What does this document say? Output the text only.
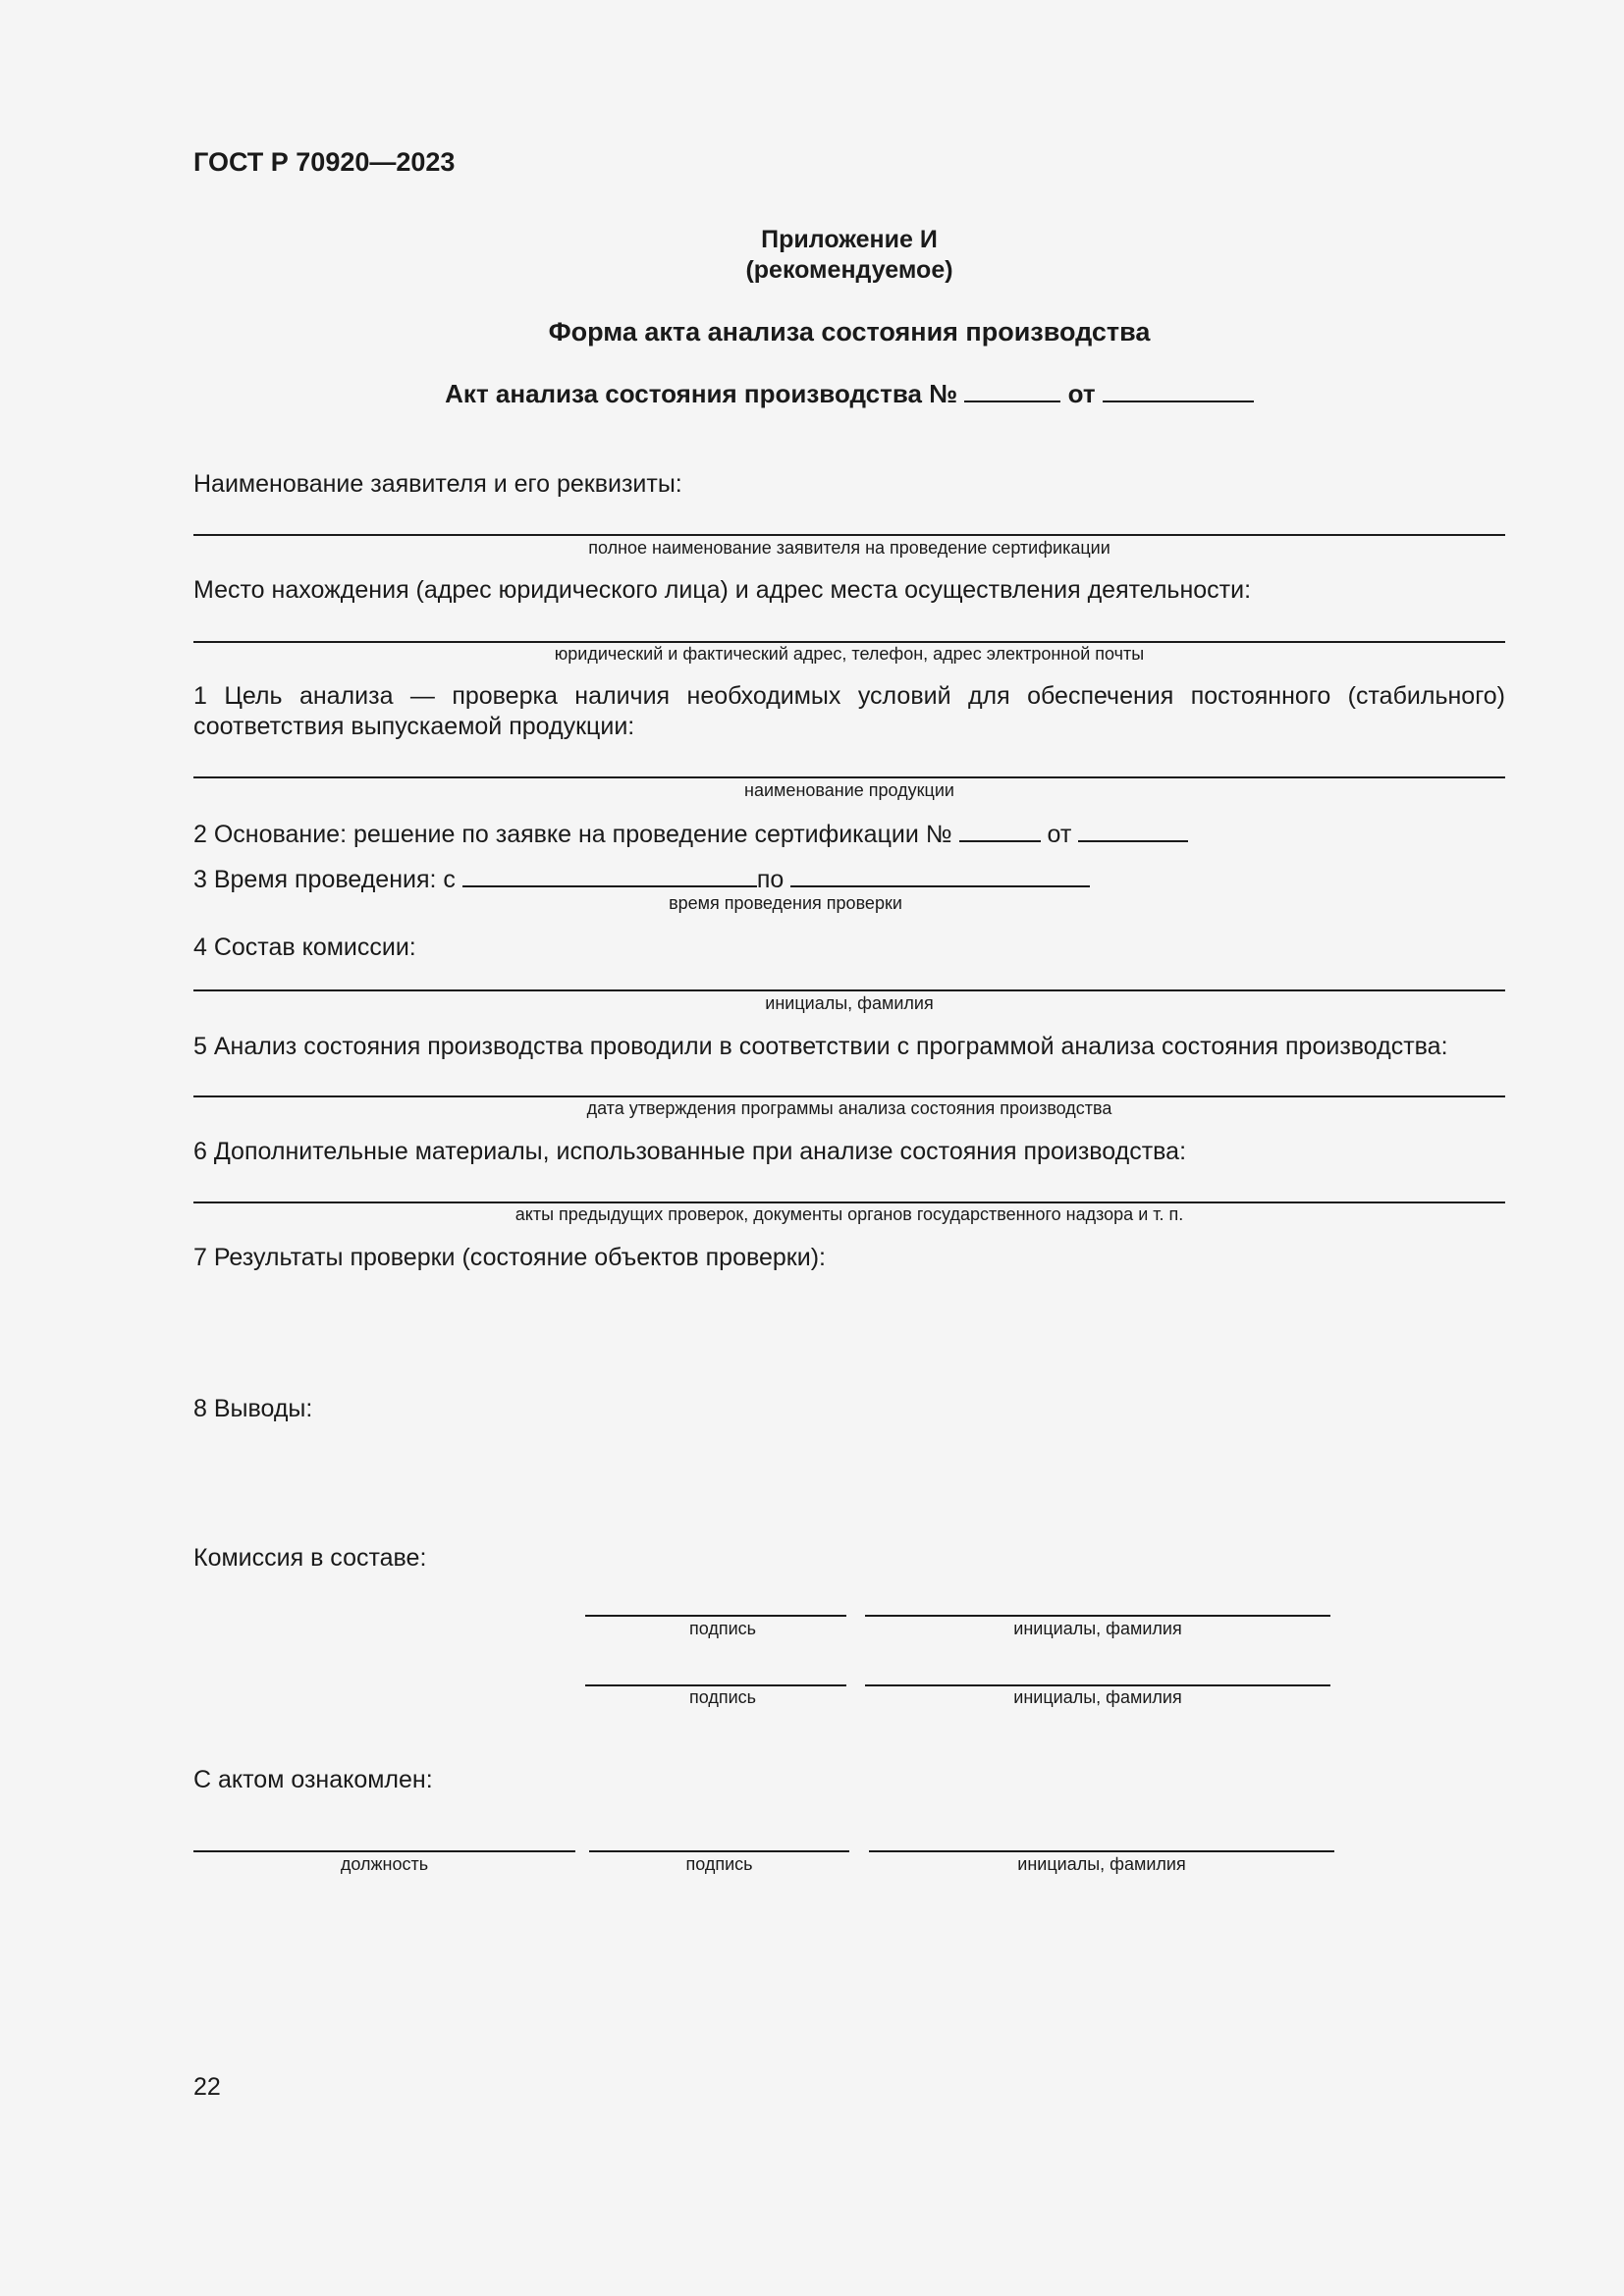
ГОСТ Р 70920—2023
Приложение И
(рекомендуемое)
Форма акта анализа состояния производства
Акт анализа состояния производства №	от
Наименование заявителя и его реквизиты:
полное наименование заявителя на проведение сертификации
Место нахождения (адрес юридического лица) и адрес места осуществления деятельности:
юридический и фактический адрес, телефон, адрес электронной почты
1 Цель анализа — проверка наличия необходимых условий для обеспечения постоянного (стабильного) соответствия выпускаемой продукции:
наименование продукции
2 Основание: решение по заявке на проведение сертификации №	от
3 Время проведения: с	по
время проведения проверки
4 Состав комиссии:
инициалы, фамилия
5 Анализ состояния производства проводили в соответствии с программой анализа состояния производства:
дата утверждения программы анализа состояния производства
6 Дополнительные материалы, использованные при анализе состояния производства:
акты предыдущих проверок, документы органов государственного надзора и т. п.
7 Результаты проверки (состояние объектов проверки):
8 Выводы:
Комиссия в составе:
подпись	инициалы, фамилия
подпись	инициалы, фамилия
С актом ознакомлен:
должность	подпись	инициалы, фамилия
22
